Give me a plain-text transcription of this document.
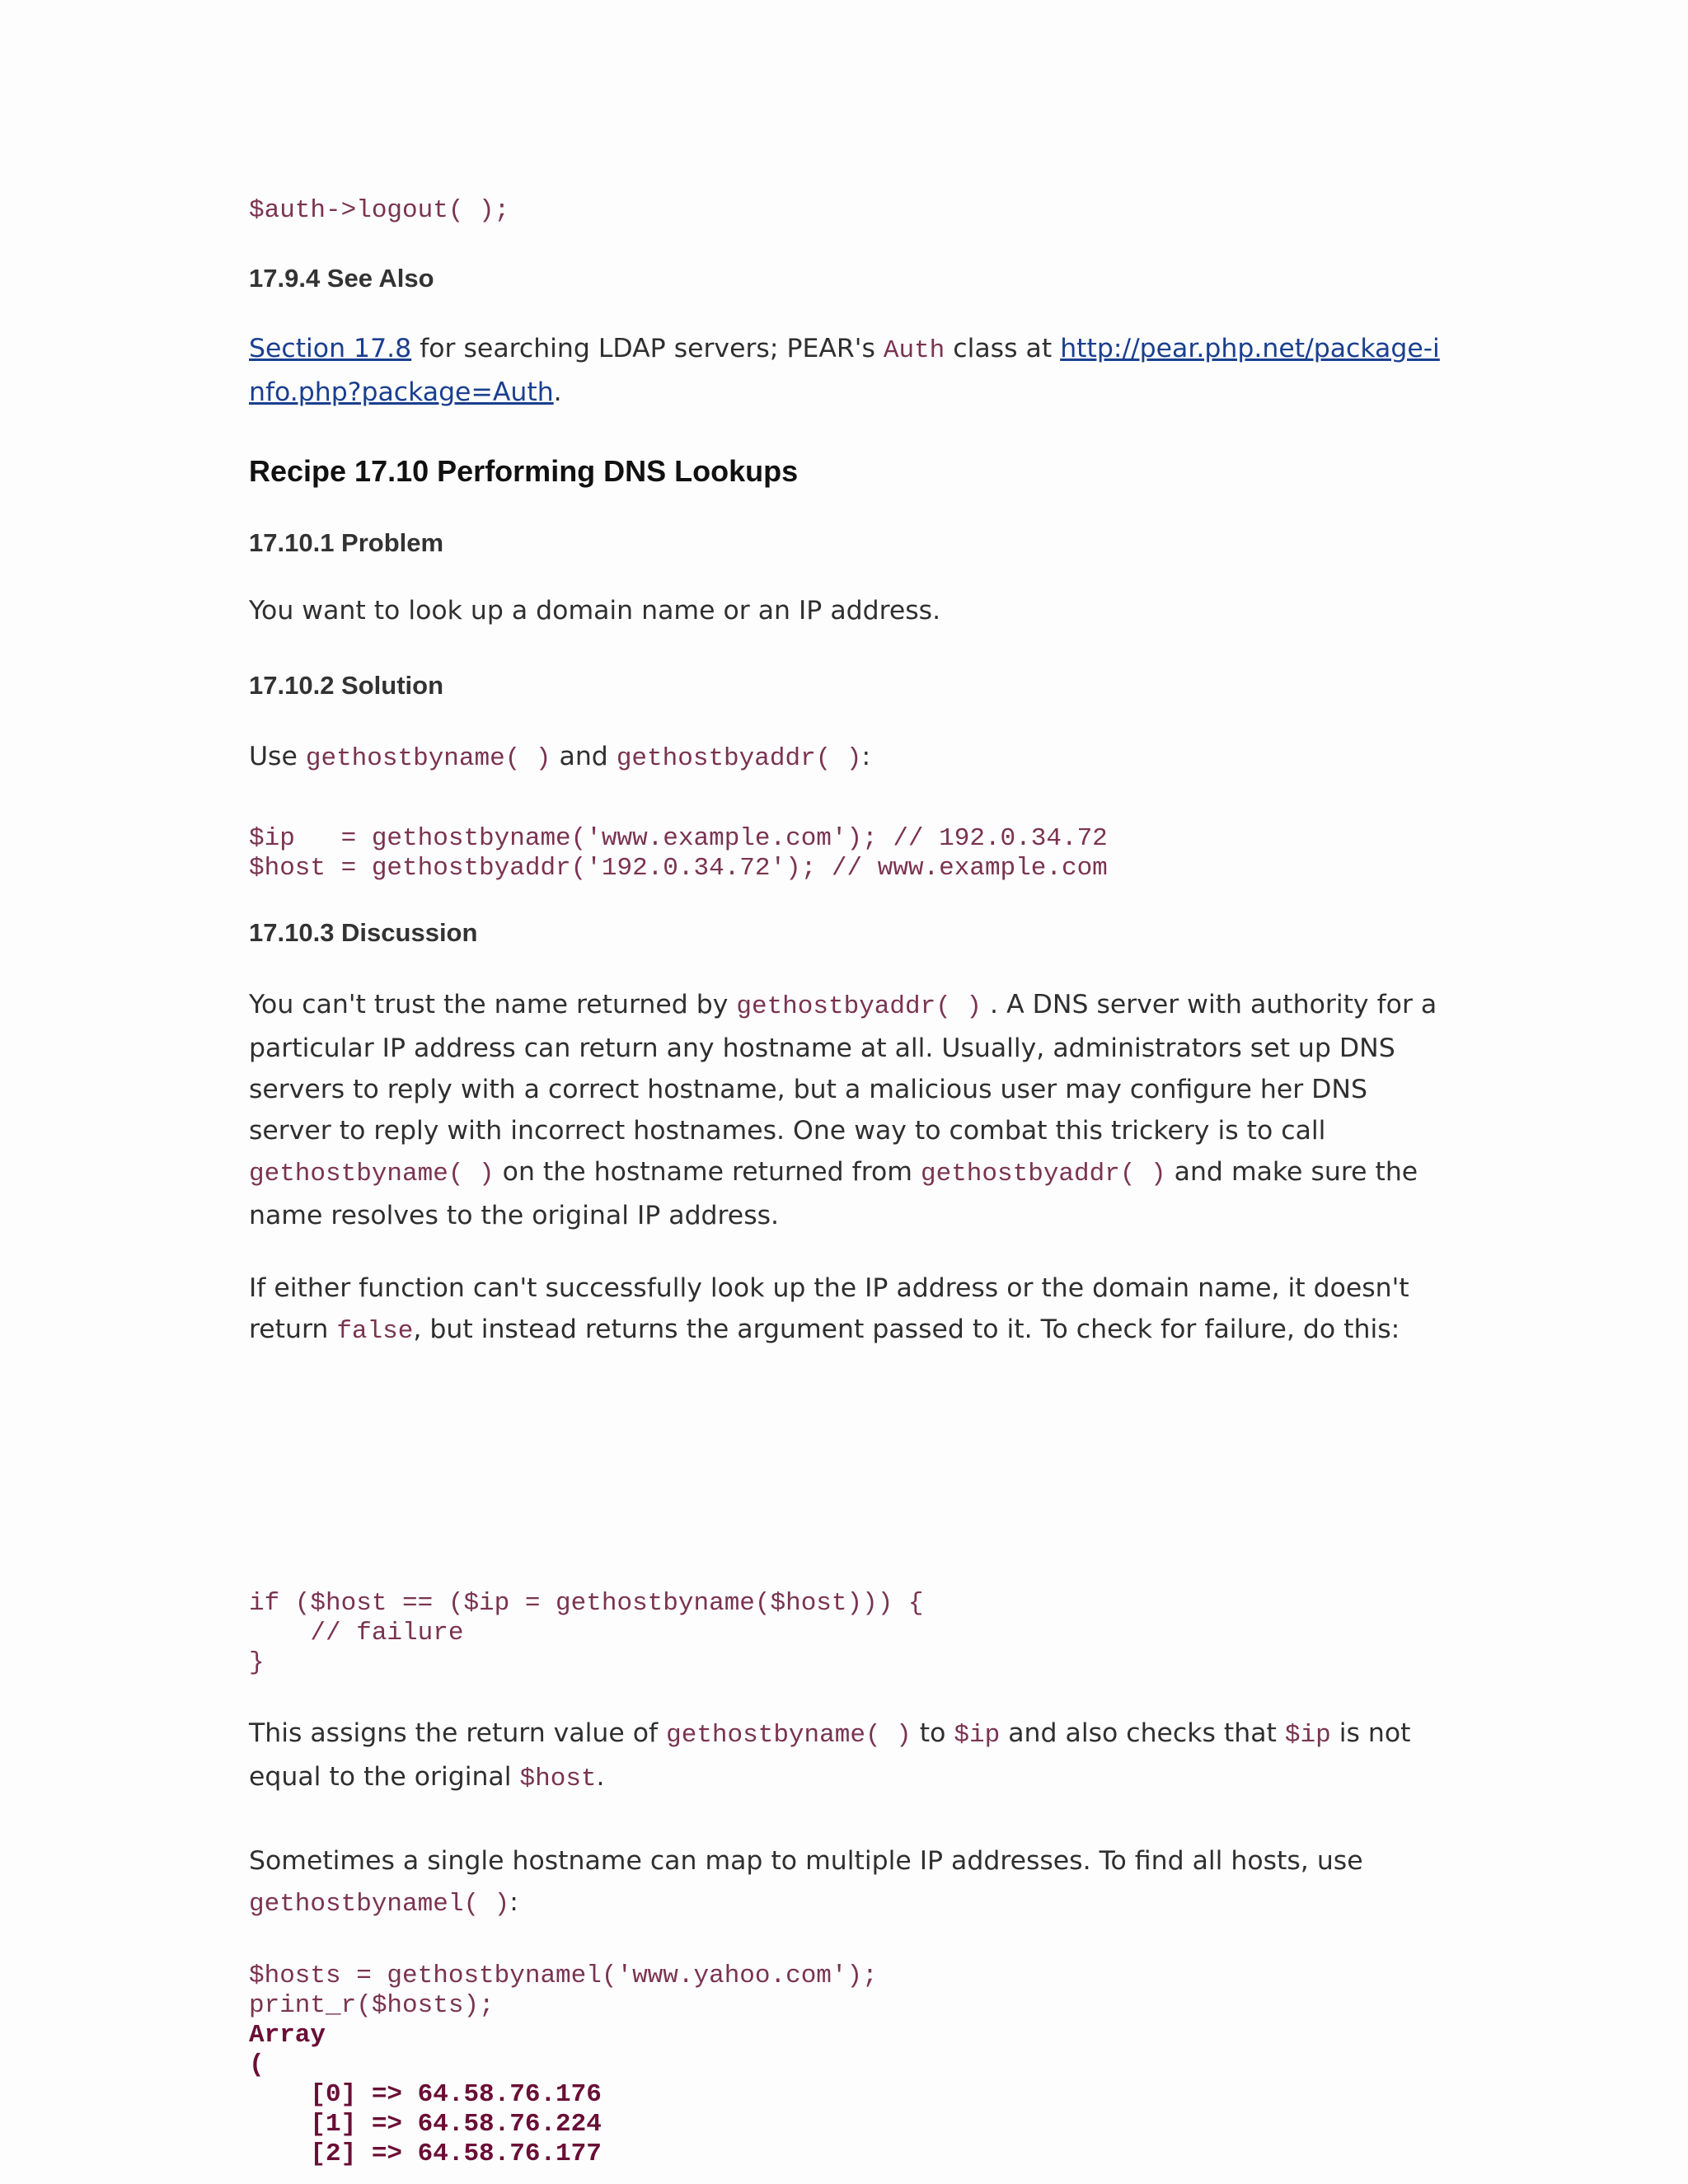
$auth->logout( );

17.9.4 See Also

Section 17.8 for searching LDAP servers; PEAR's Auth class at http://pear.php.net/package-info.php?package=Auth.

Recipe 17.10 Performing DNS Lookups

17.10.1 Problem

You want to look up a domain name or an IP address.

17.10.2 Solution

Use gethostbyname( ) and gethostbyaddr( ):

$ip   = gethostbyname('www.example.com'); // 192.0.34.72
$host = gethostbyaddr('192.0.34.72'); // www.example.com

17.10.3 Discussion

You can't trust the name returned by gethostbyaddr( ) . A DNS server with authority for a particular IP address can return any hostname at all. Usually, administrators set up DNS servers to reply with a correct hostname, but a malicious user may configure her DNS server to reply with incorrect hostnames. One way to combat this trickery is to call gethostbyname( ) on the hostname returned from gethostbyaddr( ) and make sure the name resolves to the original IP address.

If either function can't successfully look up the IP address or the domain name, it doesn't return false, but instead returns the argument passed to it. To check for failure, do this:

if ($host == ($ip = gethostbyname($host))) {
// failure
}

This assigns the return value of gethostbyname( ) to $ip and also checks that $ip is not equal to the original $host.

Sometimes a single hostname can map to multiple IP addresses. To find all hosts, use gethostbynamel( ):

$hosts = gethostbynamel('www.yahoo.com');
print_r($hosts);
Array
(
[0] => 64.58.76.176
[1] => 64.58.76.224
[2] => 64.58.76.177
